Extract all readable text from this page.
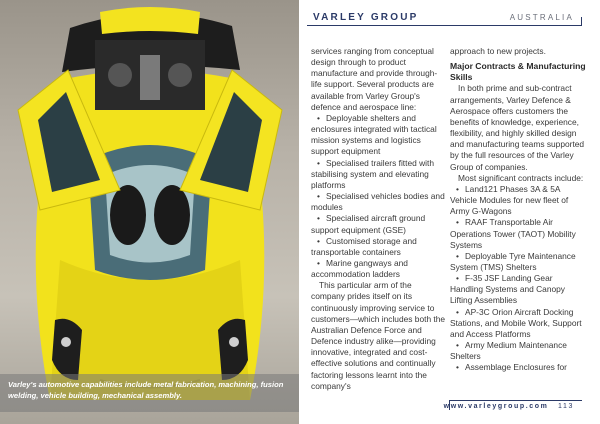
Varley's automotive capabilities include metal fabrication, machining, fusion welding, vehicle building, mechanical assembly.
VARLEY GROUP	AUSTRALIA

services ranging from conceptual design through to product manufacture and provide through-life support. Several products are available from Varley Group's defence and aerospace line:

• Deployable shelters and enclosures integrated with tactical mission systems and logistics support equipment
• Specialised trailers fitted with stabilising system and elevating platforms
• Specialised vehicles bodies and modules
• Specialised aircraft ground support equipment (GSE)
• Customised storage and transportable containers
• Marine gangways and accommodation ladders

This particular arm of the company prides itself on its continuously improving service to customers—which includes both the Australian Defence Force and Defence industry alike—providing innovative, integrated and cost-effective solutions and continually factoring lessons learnt into the company's

approach to new projects.

Major Contracts & Manufacturing Skills

In both prime and sub-contract arrangements, Varley Defence & Aerospace offers customers the benefits of knowledge, experience, flexibility, and highly skilled design and manufacturing teams supported by the full resources of the Varley Group of companies.

Most significant contracts include:

• Land121 Phases 3A & 5A Vehicle Modules for new fleet of Army G-Wagons
• RAAF Transportable Air Operations Tower (TAOT) Mobility Systems
• Deployable Tyre Maintenance System (TMS) Shelters
• F-35 JSF Landing Gear Handling Systems and Canopy Lifting Assemblies
• AP-3C Orion Aircraft Docking Stations, and Mobile Work, Support and Access Platforms
• Army Medium Maintenance Shelters
• Assemblage Enclosures for
www.varleygroup.com 113
